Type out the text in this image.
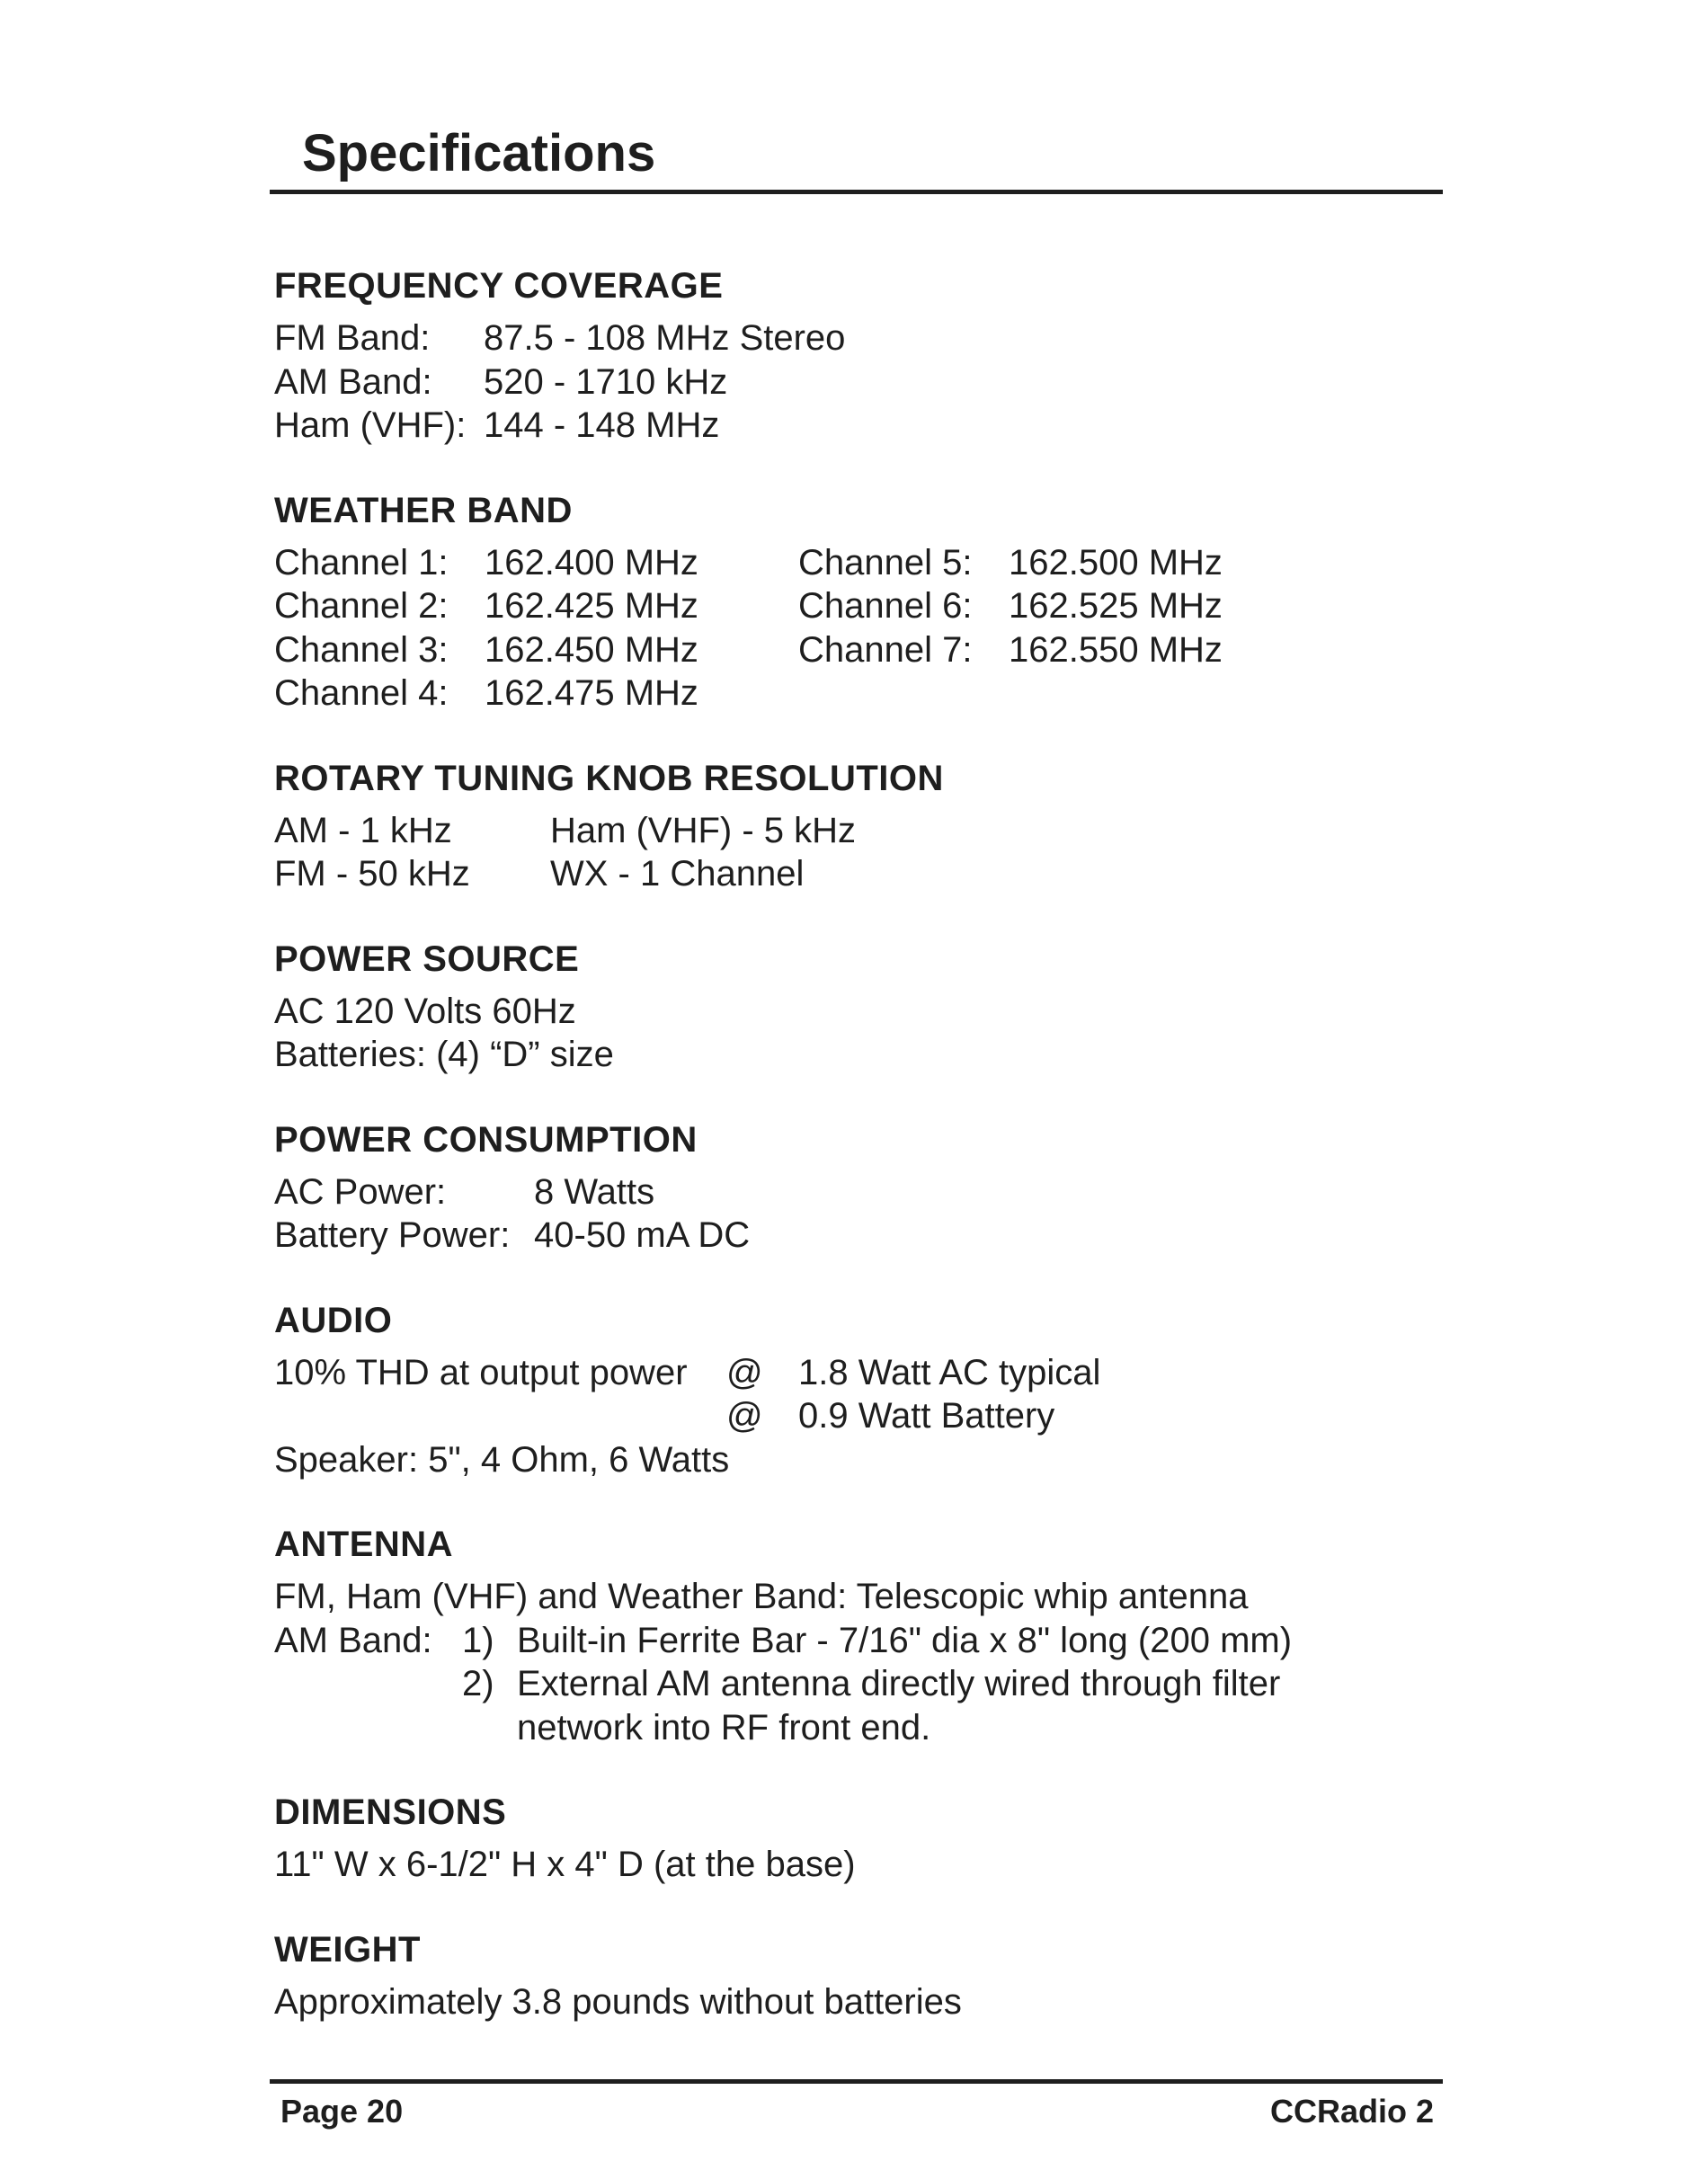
Specifications
FREQUENCY COVERAGE
FM Band:	87.5 - 108 MHz Stereo
AM Band:	520 - 1710 kHz
Ham (VHF): 144 - 148 MHz
WEATHER BAND
Channel 1:	162.400 MHz	Channel 5:	162.500 MHz
Channel 2:	162.425 MHz	Channel 6:	162.525 MHz
Channel 3:	162.450 MHz	Channel 7:	162.550 MHz
Channel 4:	162.475 MHz
ROTARY TUNING KNOB RESOLUTION
AM - 1 kHz	Ham (VHF) - 5 kHz
FM - 50 kHz	WX - 1 Channel
POWER SOURCE
AC 120 Volts 60Hz
Batteries: (4) “D” size
POWER CONSUMPTION
AC Power:	8 Watts
Battery Power: 40-50 mA DC
AUDIO
10% THD at output power	@ 1.8 Watt AC typical
@ 0.9 Watt Battery
Speaker: 5", 4 Ohm, 6 Watts
ANTENNA
FM, Ham (VHF) and Weather Band: Telescopic whip antenna
AM Band: 1) Built-in Ferrite Bar - 7/16" dia x 8" long (200 mm)
2) External AM antenna directly wired through filter
network into RF front end.
DIMENSIONS
11" W x 6-1/2" H x 4" D (at the base)
WEIGHT
Approximately 3.8 pounds without batteries
Page 20	CCRadio 2
